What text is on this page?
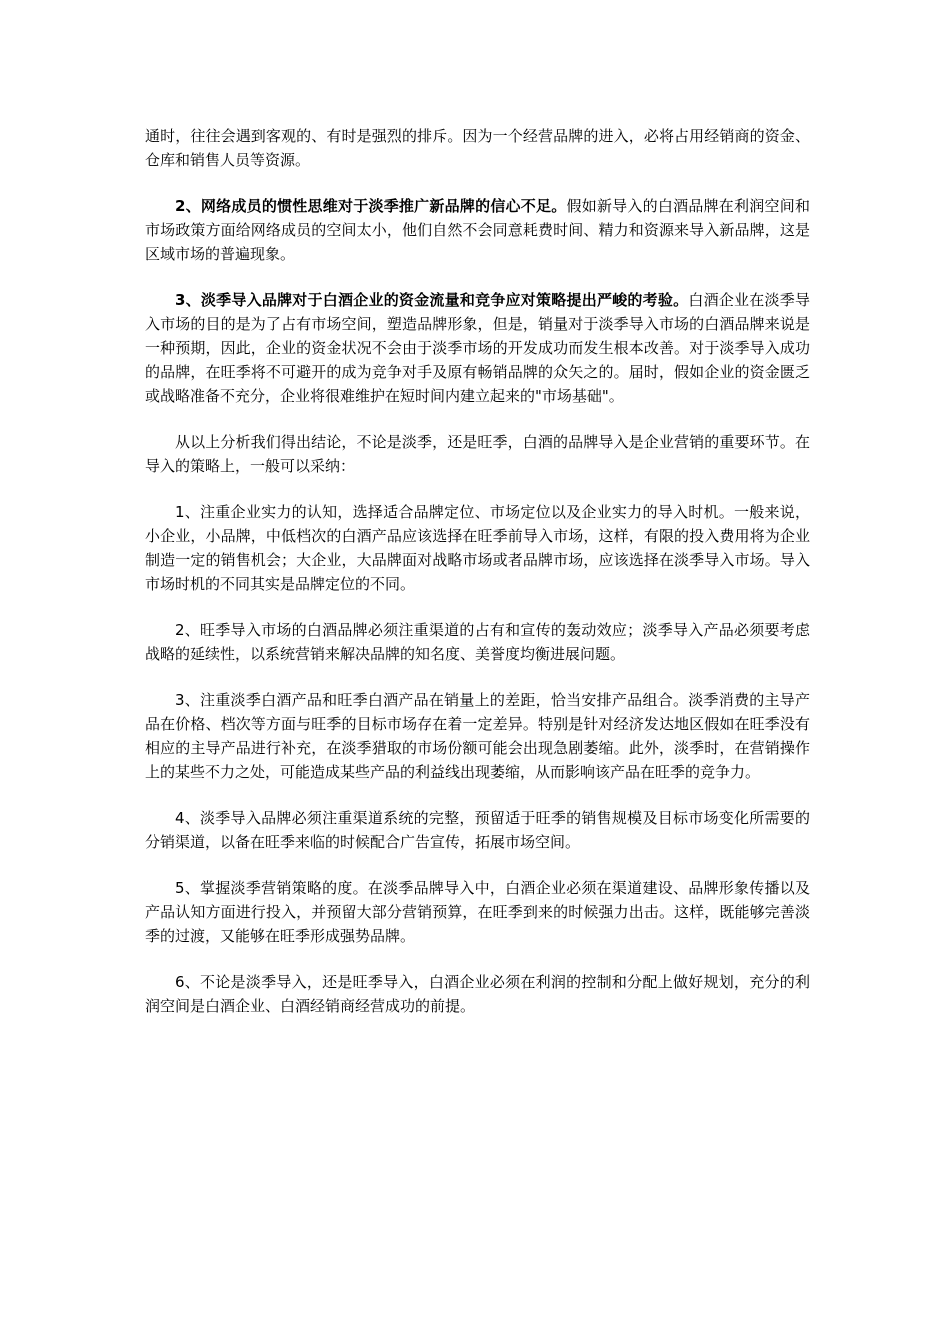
通时，往往会遇到客观的、有时是强烈的排斥。因为一个经营品牌的进入，必将占用经销商的资金、仓库和销售人员等资源。

2、网络成员的惯性思维对于淡季推广新品牌的信心不足。假如新导入的白酒品牌在利润空间和市场政策方面给网络成员的空间太小，他们自然不会同意耗费时间、精力和资源来导入新品牌，这是区域市场的普遍现象。

3、淡季导入品牌对于白酒企业的资金流量和竞争应对策略提出严峻的考验。白酒企业在淡季导入市场的目的是为了占有市场空间，塑造品牌形象，但是，销量对于淡季导入市场的白酒品牌来说是一种预期，因此，企业的资金状况不会由于淡季市场的开发成功而发生根本改善。对于淡季导入成功的品牌，在旺季将不可避开的成为竞争对手及原有畅销品牌的众矢之的。届时，假如企业的资金匮乏或战略准备不充分，企业将很难维护在短时间内建立起来的"市场基础"。

从以上分析我们得出结论，不论是淡季，还是旺季，白酒的品牌导入是企业营销的重要环节。在导入的策略上，一般可以采纳：

1、注重企业实力的认知，选择适合品牌定位、市场定位以及企业实力的导入时机。一般来说，小企业，小品牌，中低档次的白酒产品应该选择在旺季前导入市场，这样，有限的投入费用将为企业制造一定的销售机会；大企业，大品牌面对战略市场或者品牌市场，应该选择在淡季导入市场。导入市场时机的不同其实是品牌定位的不同。

2、旺季导入市场的白酒品牌必须注重渠道的占有和宣传的轰动效应；淡季导入产品必须要考虑战略的延续性，以系统营销来解决品牌的知名度、美誉度均衡进展问题。

3、注重淡季白酒产品和旺季白酒产品在销量上的差距，恰当安排产品组合。淡季消费的主导产品在价格、档次等方面与旺季的目标市场存在着一定差异。特别是针对经济发达地区假如在旺季没有相应的主导产品进行补充，在淡季猎取的市场份额可能会出现急剧萎缩。此外，淡季时，在营销操作上的某些不力之处，可能造成某些产品的利益线出现萎缩，从而影响该产品在旺季的竞争力。

4、淡季导入品牌必须注重渠道系统的完整，预留适于旺季的销售规模及目标市场变化所需要的分销渠道，以备在旺季来临的时候配合广告宣传，拓展市场空间。

5、掌握淡季营销策略的度。在淡季品牌导入中，白酒企业必须在渠道建设、品牌形象传播以及产品认知方面进行投入，并预留大部分营销预算，在旺季到来的时候强力出击。这样，既能够完善淡季的过渡，又能够在旺季形成强势品牌。

6、不论是淡季导入，还是旺季导入，白酒企业必须在利润的控制和分配上做好规划，充分的利润空间是白酒企业、白酒经销商经营成功的前提。
